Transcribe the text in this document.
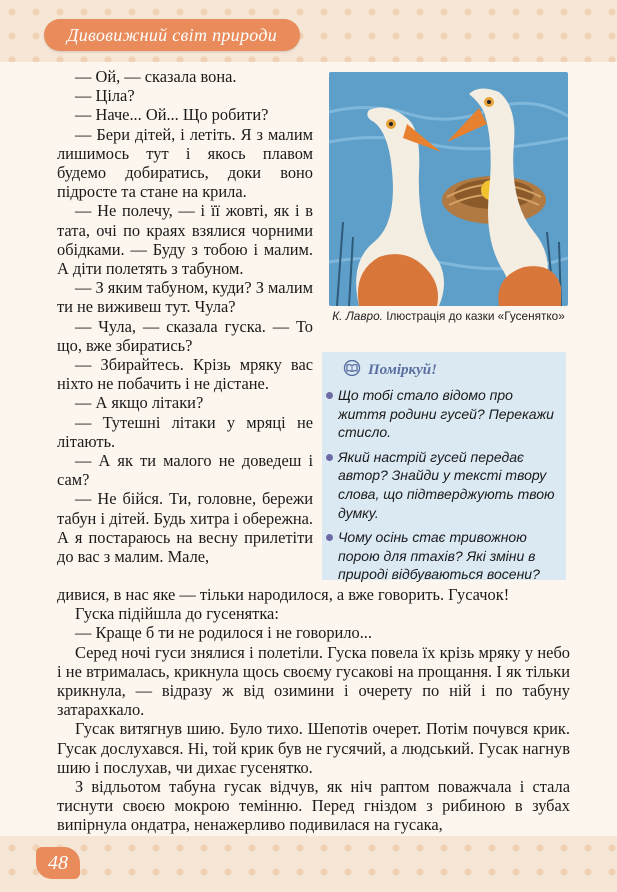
Дивовижний світ природи

— Ой, — сказала вона.

— Ціла?

— Наче... Ой... Що робити?

— Бери дітей, і летіть. Я з малим лишимось тут і якось плавом будемо добиратись, доки воно підросте та стане на крила.

— Не полечу, — і її жовті, як і в тата, очі по краях взялися чорними обідками. — Буду з тобою і малим. А діти полетять з табуном.

— З яким табуном, куди? З малим ти не виживеш тут. Чула?

— Чула, — сказала гуска. — То що, вже збиратись?

— Збирайтесь. Крізь мряку вас ніхто не побачить і не дістане.

— А якщо літаки?

— Тутешні літаки у мряці не літають.

— А як ти малого не доведеш і сам?

— Не бійся. Ти, головне, бережи табун і дітей. Будь хитра і обережна. А я постараюсь на весну прилетіти до вас з малим. Мале,

К. Лавро. Ілюстрація до казки «Гусенятко»
Поміркуй!
Що тобі стало відомо про життя родини гусей? Перекажи стисло.
Який настрій гусей передає автор? Знайди у тексті твору слова, що підтверджують твою думку.
Чому осінь стає тривожною порою для птахів? Які зміни в природі відбуваються восени?

дивися, в нас яке — тільки народилося, а вже говорить. Гусачок!

Гуска підійшла до гусенятка:

— Краще б ти не родилося і не говорило...

Серед ночі гуси знялися і полетіли. Гуска повела їх крізь мряку у небо і не втрималась, крикнула щось своєму гусакові на прощання. І як тільки крикнула, — відразу ж від озимини і очерету по ній і по табуну затарахкало.

Гусак витягнув шию. Було тихо. Шепотів очерет. Потім почувся крик. Гусак дослухався. Ні, той крик був не гусячий, а людський. Гусак нагнув шию і послухав, чи дихає гусенятко.

З відльотом табуна гусак відчув, як ніч раптом поважчала і стала тиснути своєю мокрою темінню. Перед гніздом з рибиною в зубах випірнула ондатра, ненажерливо подивилася на гусака,

48
